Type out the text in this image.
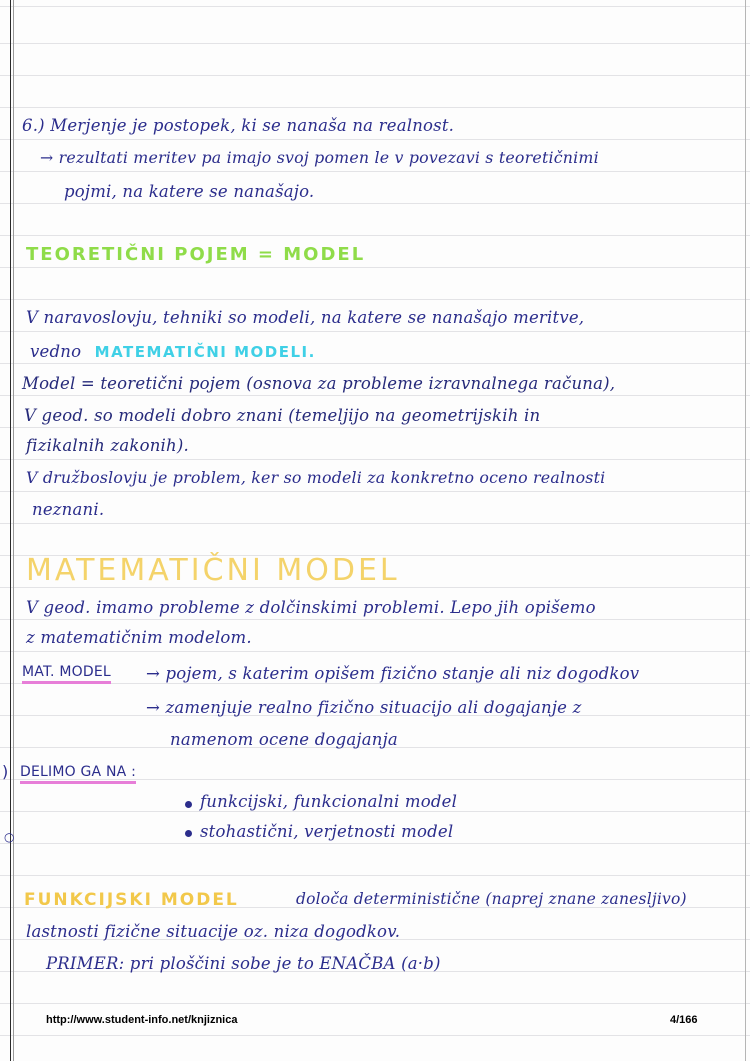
6.) Merjenje je postopek, ki se nanaša na realnost.
→ rezultati meritev pa imajo svoj pomen le v povezavi s teoretičnimi
pojmi, na katere se nanašajo.
TEORETIČNI POJEM = MODEL
V naravoslovju, tehniki so modeli, na katere se nanašajo meritve,
vedno MATEMATIČNI MODELI.
Model = teoretični pojem (osnova za probleme izravnalnega računa),
V geod. so modeli dobro znani (temeljijo na geometrijskih in
fizikalnih zakonih).
V družboslovju je problem, ker so modeli za konkretno oceno realnosti
neznani.
MATEMATIČNI MODEL
V geod. imamo probleme z dolčinskimi problemi. Lepo jih opišemo
z matematičnim modelom.
MAT. MODEL → pojem, s katerim opišem fizično stanje ali niz dogodkov
→ zamenjuje realno fizično situacijo ali dogajanje z
namenom ocene dogajanja
) DELIMO GA NA :
funkcijski, funkcionalni model
○	stohastični, verjetnosti model
FUNKCIJSKI MODEL	določa deterministične (naprej znane zanesljivo)
lastnosti fizične situacije oz. niza dogodkov.
PRIMER: pri ploščini sobe je to ENAČBA (a·b)
http://www.student-info.net/knjiznica	4/166
